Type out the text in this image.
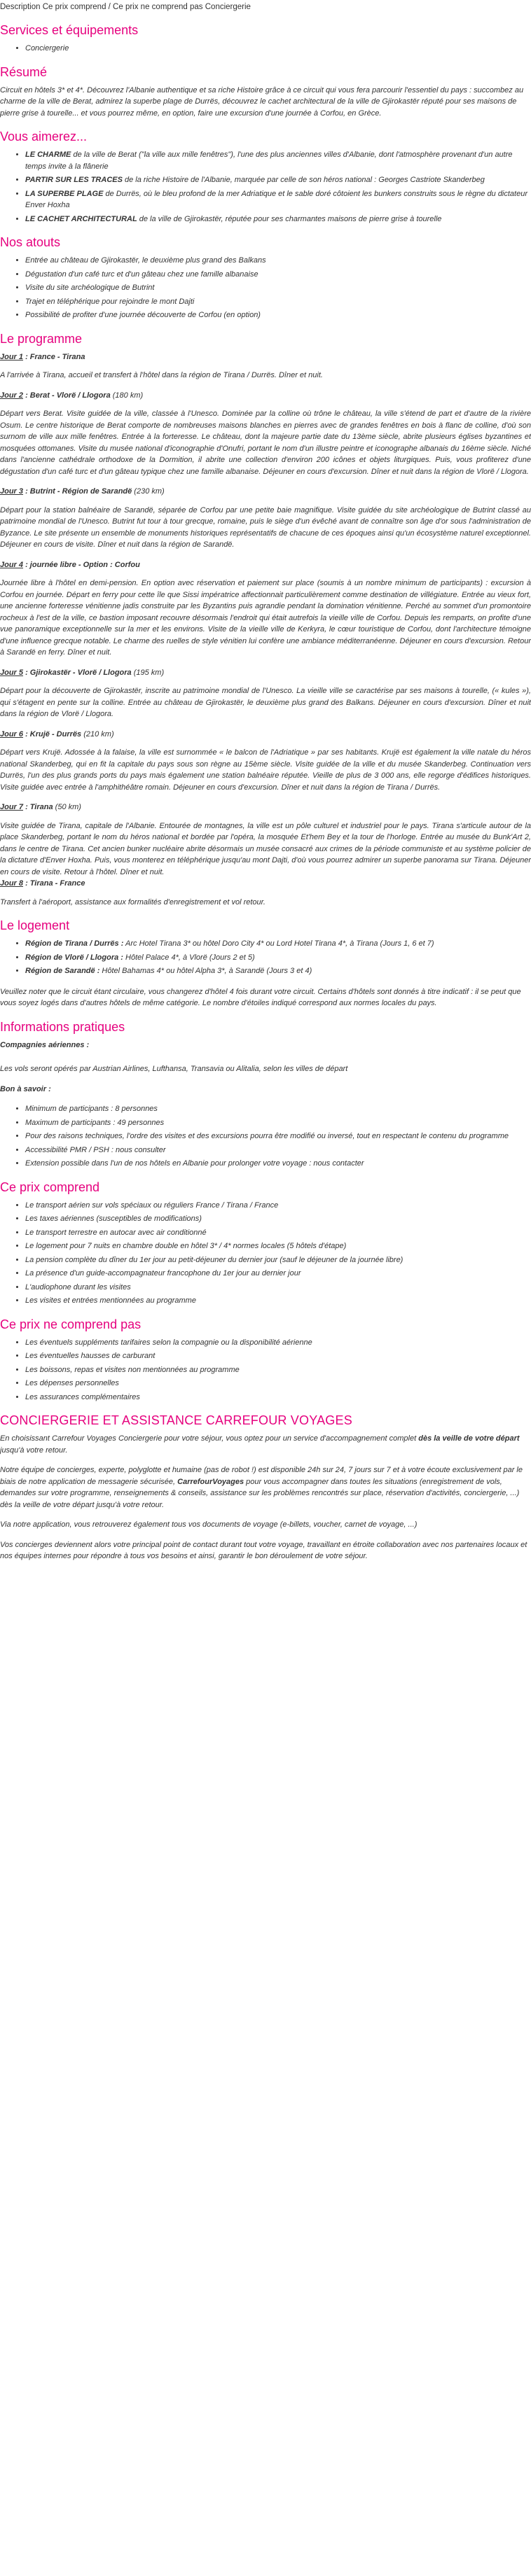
Description Ce prix comprend / Ce prix ne comprend pas Conciergerie
Services et équipements
• Conciergerie
Résumé

Circuit en hôtels 3* et 4*. Découvrez l'Albanie authentique et sa riche Histoire grâce à ce circuit qui vous fera parcourir l'essentiel du pays : succombez au charme de la ville de Berat, admirez la superbe plage de Durrës, découvrez le cachet architectural de la ville de Gjirokastër réputé pour ses maisons de pierre grise à tourelle... et vous pourrez même, en option, faire une excursion d'une journée à Corfou, en Grèce.

Vous aimerez...
• LE CHARME de la ville de Berat ("la ville aux mille fenêtres"), l'une des plus anciennes villes d'Albanie, dont l'atmosphère provenant d'un autre temps invite à la flânerie
• PARTIR SUR LES TRACES de la riche Histoire de l'Albanie, marquée par celle de son héros national : Georges Castriote Skanderbeg
• LA SUPERBE PLAGE de Durrës, où le bleu profond de la mer Adriatique et le sable doré côtoient les bunkers construits sous le règne du dictateur Enver Hoxha
• LE CACHET ARCHITECTURAL de la ville de Gjirokastër, réputée pour ses charmantes maisons de pierre grise à tourelle
Nos atouts
• Entrée au château de Gjirokastër, le deuxième plus grand des Balkans
• Dégustation d'un café turc et d'un gâteau chez une famille albanaise
• Visite du site archéologique de Butrint
• Trajet en téléphérique pour rejoindre le mont Dajti
• Possibilité de profiter d'une journée découverte de Corfou (en option)
Le programme
Jour 1 : France - Tirana

A l'arrivée à Tirana, accueil et transfert à l'hôtel dans la région de Tirana / Durrës. Dîner et nuit.

Jour 2 : Berat - Vlorë / Llogora (180 km)

Départ vers Berat. Visite guidée de la ville, classée à l'Unesco. Dominée par la colline où trône le château, la ville s'étend de part et d'autre de la rivière Osum. Le centre historique de Berat comporte de nombreuses maisons blanches en pierres avec de grandes fenêtres en bois à flanc de colline, d'où son surnom de ville aux mille fenêtres. Entrée à la forteresse. Le château, dont la majeure partie date du 13ème siècle, abrite plusieurs églises byzantines et mosquées ottomanes. Visite du musée national d'iconographie d'Onufri, portant le nom d'un illustre peintre et iconographe albanais du 16ème siècle. Niché dans l'ancienne cathédrale orthodoxe de la Dormition, il abrite une collection d'environ 200 icônes et objets liturgiques. Puis, vous profiterez d'une dégustation d'un café turc et d'un gâteau typique chez une famille albanaise. Déjeuner en cours d'excursion. Dîner et nuit dans la région de Vlorë / Llogora.

Jour 3 : Butrint - Région de Sarandë (230 km)

Départ pour la station balnéaire de Sarandë, séparée de Corfou par une petite baie magnifique. Visite guidée du site archéologique de Butrint classé au patrimoine mondial de l'Unesco. Butrint fut tour à tour grecque, romaine, puis le siège d'un évêché avant de connaître son âge d'or sous l'administration de Byzance. Le site présente un ensemble de monuments historiques représentatifs de chacune de ces époques ainsi qu'un écosystème naturel exceptionnel. Déjeuner en cours de visite. Dîner et nuit dans la région de Sarandë.

Jour 4 : journée libre - Option : Corfou

Journée libre à l'hôtel en demi-pension. En option avec réservation et paiement sur place (soumis à un nombre minimum de participants) : excursion à Corfou en journée. Départ en ferry pour cette île que Sissi impératrice affectionnait particulièrement comme destination de villégiature. Entrée au vieux fort, une ancienne forteresse vénitienne jadis construite par les Byzantins puis agrandie pendant la domination vénitienne. Perché au sommet d'un promontoire rocheux à l'est de la ville, ce bastion imposant recouvre désormais l'endroit qui était autrefois la vieille ville de Corfou. Depuis les remparts, on profite d'une vue panoramique exceptionnelle sur la mer et les environs. Visite de la vieille ville de Kerkyra, le cœur touristique de Corfou, dont l'architecture témoigne d'une influence grecque notable. Le charme des ruelles de style vénitien lui confère une ambiance méditerranéenne. Déjeuner en cours d'excursion. Retour à Sarandë en ferry. Dîner et nuit.

Jour 5 : Gjirokastër - Vlorë / Llogora (195 km)

Départ pour la découverte de Gjirokastër, inscrite au patrimoine mondial de l'Unesco. La vieille ville se caractérise par ses maisons à tourelle, (« kules »), qui s'étagent en pente sur la colline. Entrée au château de Gjirokastër, le deuxième plus grand des Balkans. Déjeuner en cours d'excursion. Dîner et nuit dans la région de Vlorë / Llogora.

Jour 6 : Krujë - Durrës (210 km)

Départ vers Krujë. Adossée à la falaise, la ville est surnommée « le balcon de l'Adriatique » par ses habitants. Krujë est également la ville natale du héros national Skanderbeg, qui en fit la capitale du pays sous son règne au 15ème siècle. Visite guidée de la ville et du musée Skanderbeg. Continuation vers Durrës, l'un des plus grands ports du pays mais également une station balnéaire réputée. Vieille de plus de 3 000 ans, elle regorge d'édifices historiques. Visite guidée avec entrée à l'amphithéâtre romain. Déjeuner en cours d'excursion. Dîner et nuit dans la région de Tirana / Durrës.

Jour 7 : Tirana (50 km)

Visite guidée de Tirana, capitale de l'Albanie. Entourée de montagnes, la ville est un pôle culturel et industriel pour le pays. Tirana s'articule autour de la place Skanderbeg, portant le nom du héros national et bordée par l'opéra, la mosquée Et'hem Bey et la tour de l'horloge. Entrée au musée du Bunk'Art 2, dans le centre de Tirana. Cet ancien bunker nucléaire abrite désormais un musée consacré aux crimes de la période communiste et au système policier de la dictature d'Enver Hoxha. Puis, vous monterez en téléphérique jusqu'au mont Dajti, d'où vous pourrez admirer un superbe panorama sur Tirana. Déjeuner en cours de visite. Retour à l'hôtel. Dîner et nuit.

Jour 8 : Tirana - France

Transfert à l'aéroport, assistance aux formalités d'enregistrement et vol retour.

Le logement
• Région de Tirana / Durrës : Arc Hotel Tirana 3* ou hôtel Doro City 4* ou Lord Hotel Tirana 4*, à Tirana (Jours 1, 6 et 7)
• Région de Vlorë / Llogora : Hôtel Palace 4*, à Vlorë (Jours 2 et 5)
• Région de Sarandë : Hôtel Bahamas 4* ou hôtel Alpha 3*, à Sarandë (Jours 3 et 4)

Veuillez noter que le circuit étant circulaire, vous changerez d'hôtel 4 fois durant votre circuit. Certains d'hôtels sont donnés à titre indicatif : il se peut que vous soyez logés dans d'autres hôtels de même catégorie. Le nombre d'étoiles indiqué correspond aux normes locales du pays.

Informations pratiques
Compagnies aériennes :

Les vols seront opérés par Austrian Airlines, Lufthansa, Transavia ou Alitalia, selon les villes de départ

Bon à savoir :
• Minimum de participants : 8 personnes
• Maximum de participants : 49 personnes
• Pour des raisons techniques, l'ordre des visites et des excursions pourra être modifié ou inversé, tout en respectant le contenu du programme
• Accessibilité PMR / PSH : nous consulter
• Extension possible dans l'un de nos hôtels en Albanie pour prolonger votre voyage : nous contacter
Ce prix comprend
• Le transport aérien sur vols spéciaux ou réguliers France / Tirana / France
• Les taxes aériennes (susceptibles de modifications)
• Le transport terrestre en autocar avec air conditionné
• Le logement pour 7 nuits en chambre double en hôtel 3* / 4* normes locales (5 hôtels d'étape)
• La pension complète du dîner du 1er jour au petit-déjeuner du dernier jour (sauf le déjeuner de la journée libre)
• La présence d'un guide-accompagnateur francophone du 1er jour au dernier jour
• L'audiophone durant les visites
• Les visites et entrées mentionnées au programme
Ce prix ne comprend pas
• Les éventuels suppléments tarifaires selon la compagnie ou la disponibilité aérienne
• Les éventuelles hausses de carburant
• Les boissons, repas et visites non mentionnées au programme
• Les dépenses personnelles
• Les assurances complémentaires
CONCIERGERIE ET ASSISTANCE CARREFOUR VOYAGES

En choisissant Carrefour Voyages Conciergerie pour votre séjour, vous optez pour un service d'accompagnement complet dès la veille de votre départ jusqu'à votre retour.

Notre équipe de concierges, experte, polyglotte et humaine (pas de robot !) est disponible 24h sur 24, 7 jours sur 7 et à votre écoute exclusivement par le biais de notre application de messagerie sécurisée, CarrefourVoyages pour vous accompagner dans toutes les situations (enregistrement de vols, demandes sur votre programme, renseignements & conseils, assistance sur les problèmes rencontrés sur place, réservation d'activités, conciergerie, ...) dès la veille de votre départ jusqu'à votre retour.

Via notre application, vous retrouverez également tous vos documents de voyage (e-billets, voucher, carnet de voyage, ...)

Vos concierges deviennent alors votre principal point de contact durant tout votre voyage, travaillant en étroite collaboration avec nos partenaires locaux et nos équipes internes pour répondre à tous vos besoins et ainsi, garantir le bon déroulement de votre séjour.
